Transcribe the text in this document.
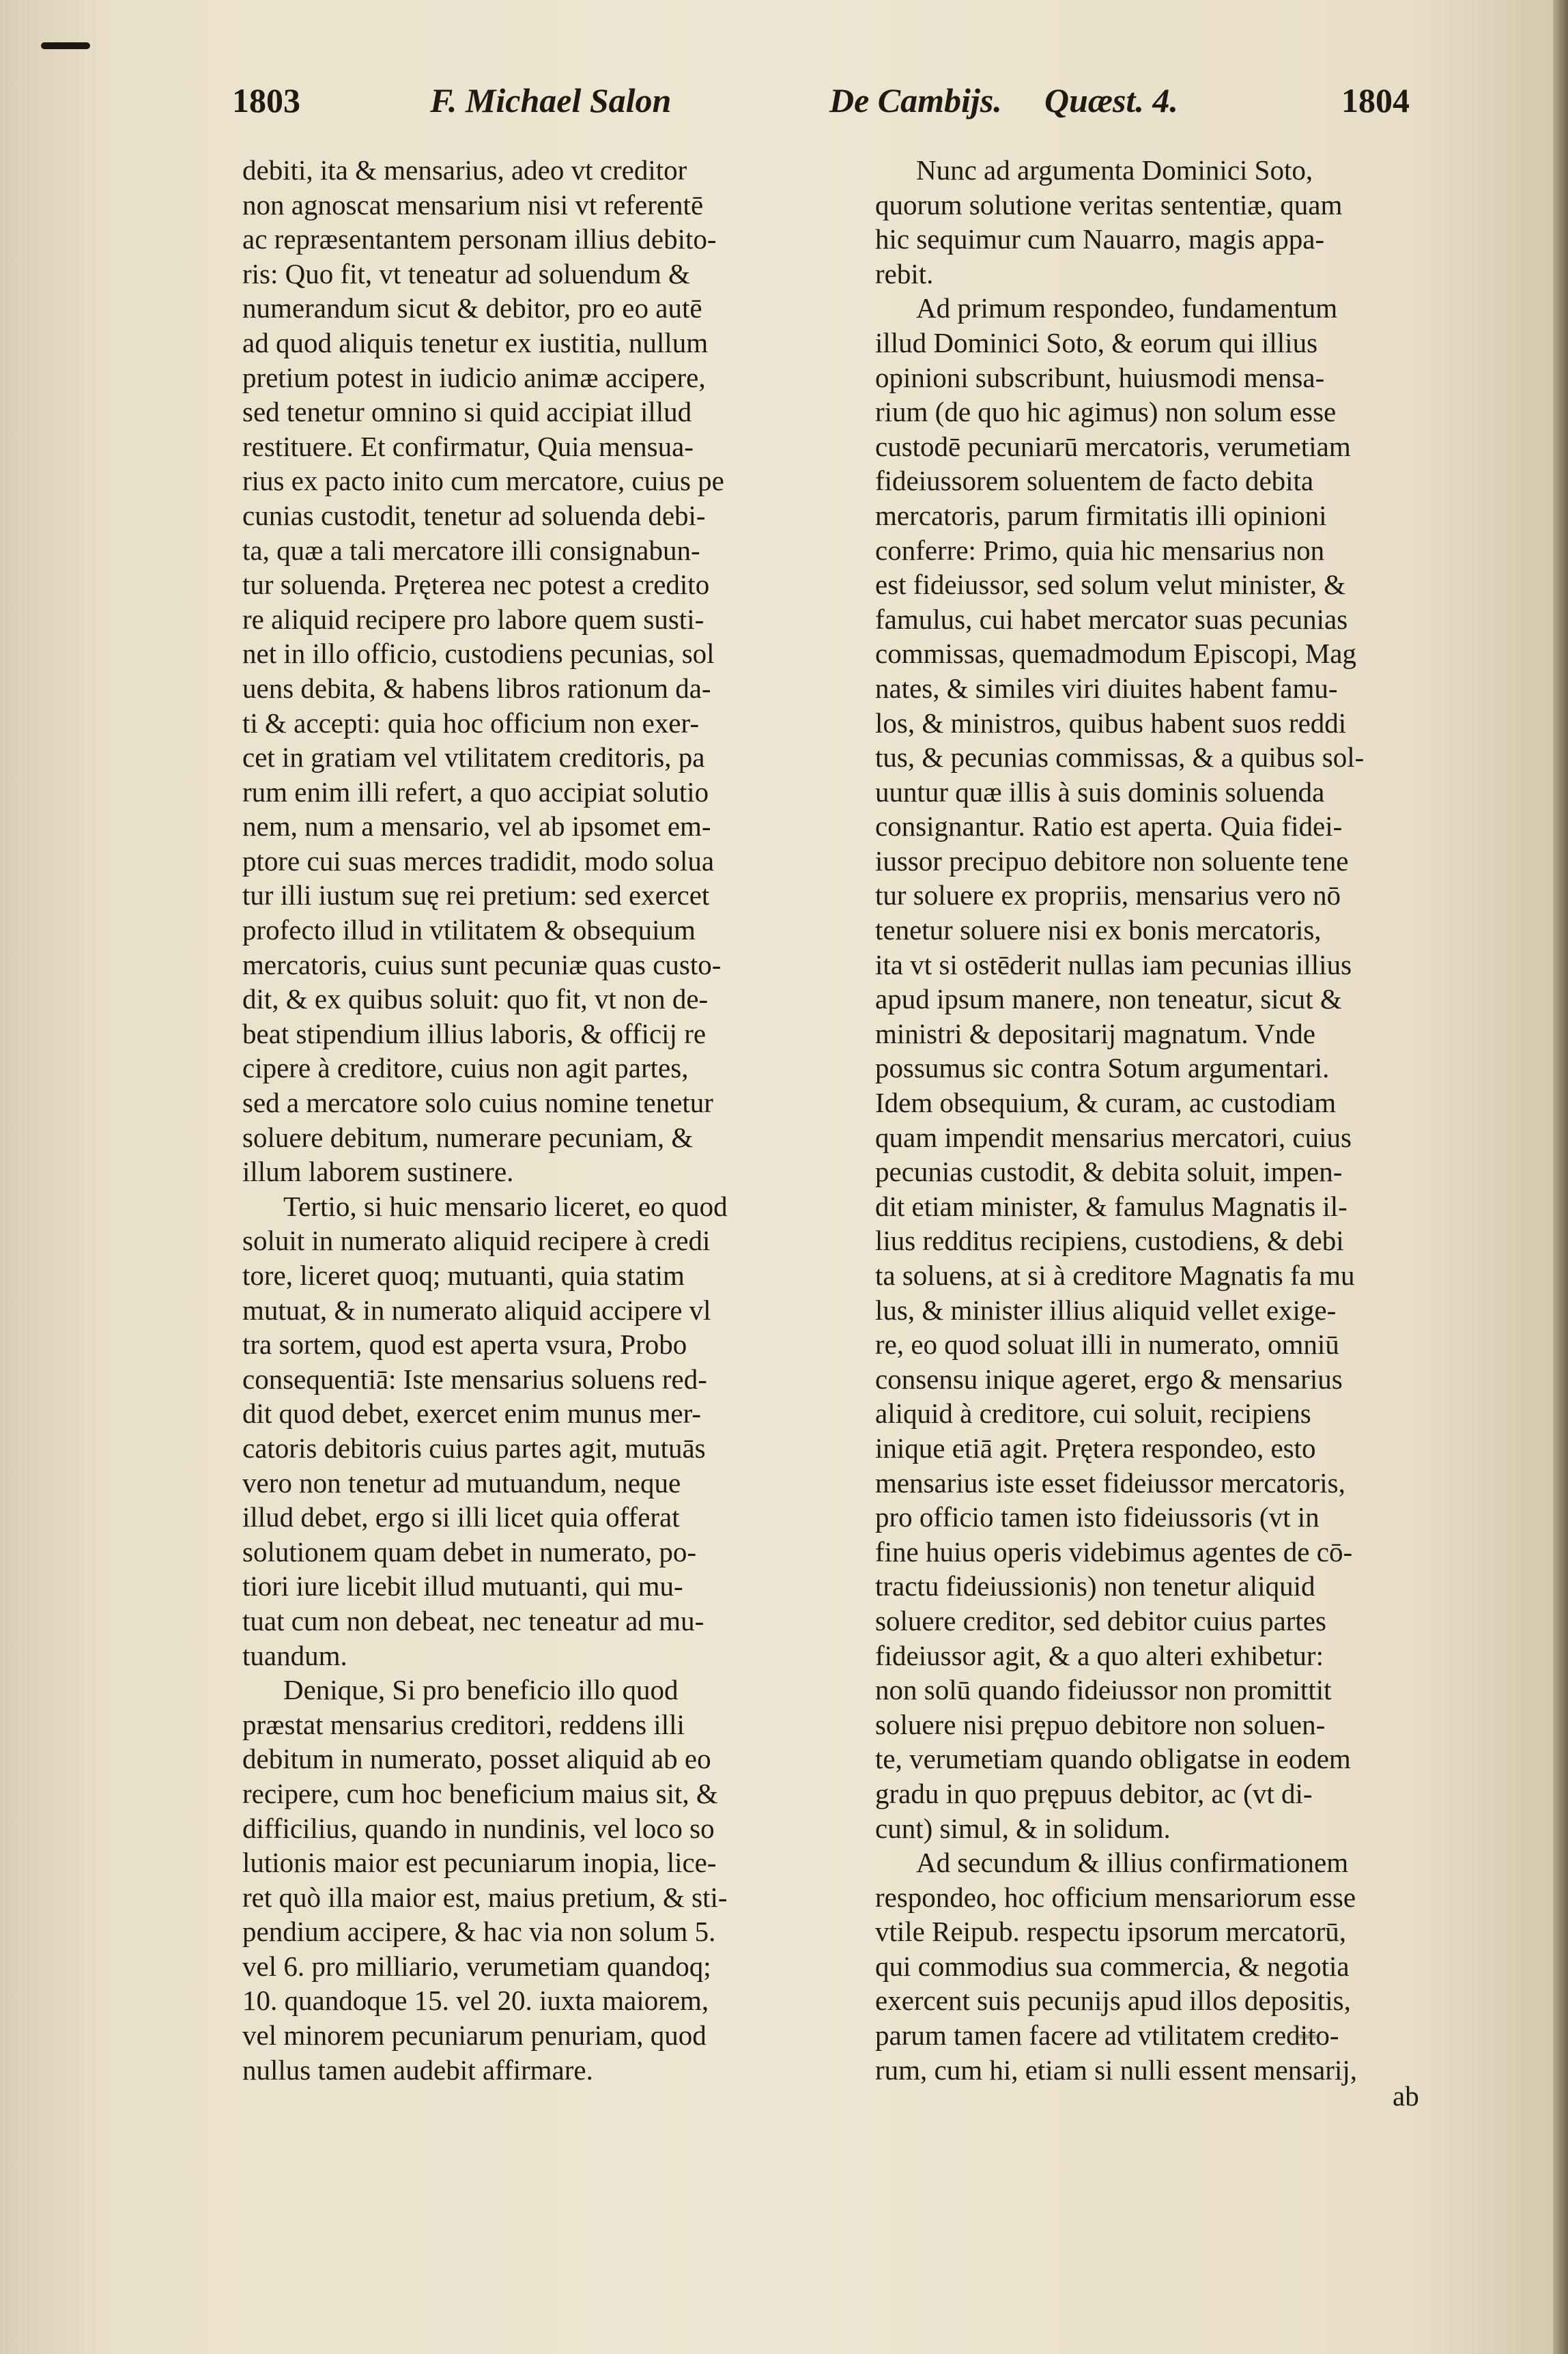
1803	F. Michael Salon	De Cambijs. Quæst. 4.	1804
debiti, ita & mensarius, adeo vt creditor
non agnoscat mensarium nisi vt referentē
ac repræsentantem personam illius debito-
ris: Quo fit, vt teneatur ad soluendum &
numerandum sicut & debitor, pro eo autē
ad quod aliquis tenetur ex iustitia, nullum
pretium potest in iudicio animæ accipere,
sed tenetur omnino si quid accipiat illud
restituere. Et confirmatur, Quia mensua-
rius ex pacto inito cum mercatore, cuius pe
cunias custodit, tenetur ad soluenda debi-
ta, quæ a tali mercatore illi consignabun-
tur soluenda. Pręterea nec potest a credito
re aliquid recipere pro labore quem susti-
net in illo officio, custodiens pecunias, sol
uens debita, & habens libros rationum da-
ti & accepti: quia hoc officium non exer-
cet in gratiam vel vtilitatem creditoris, pa
rum enim illi refert, a quo accipiat solutio
nem, num a mensario, vel ab ipsomet em-
ptore cui suas merces tradidit, modo solua
tur illi iustum suę rei pretium: sed exercet
profecto illud in vtilitatem & obsequium
mercatoris, cuius sunt pecuniæ quas custo-
dit, & ex quibus soluit: quo fit, vt non de-
beat stipendium illius laboris, & officij re
cipere à creditore, cuius non agit partes,
sed a mercatore solo cuius nomine tenetur
soluere debitum, numerare pecuniam, &
illum laborem sustinere.
Tertio, si huic mensario liceret, eo quod
soluit in numerato aliquid recipere à credi
tore, liceret quoq; mutuanti, quia statim
mutuat, & in numerato aliquid accipere vl
tra sortem, quod est aperta vsura, Probo
consequentiā: Iste mensarius soluens red-
dit quod debet, exercet enim munus mer-
catoris debitoris cuius partes agit, mutuās
vero non tenetur ad mutuandum, neque
illud debet, ergo si illi licet quia offerat
solutionem quam debet in numerato, po-
tiori iure licebit illud mutuanti, qui mu-
tuat cum non debeat, nec teneatur ad mu-
tuandum.
Denique, Si pro beneficio illo quod
præstat mensarius creditori, reddens illi
debitum in numerato, posset aliquid ab eo
recipere, cum hoc beneficium maius sit, &
difficilius, quando in nundinis, vel loco so
lutionis maior est pecuniarum inopia, lice-
ret quò illa maior est, maius pretium, & sti-
pendium accipere, & hac via non solum 5.
vel 6. pro milliario, verumetiam quandoq;
10. quandoque 15. vel 20. iuxta maiorem,
vel minorem pecuniarum penuriam, quod
nullus tamen audebit affirmare.
Nunc ad argumenta Dominici Soto,
quorum solutione veritas sententiæ, quam
hic sequimur cum Nauarro, magis appa-
rebit.
Ad primum respondeo, fundamentum
illud Dominici Soto, & eorum qui illius
opinioni subscribunt, huiusmodi mensa-
rium (de quo hic agimus) non solum esse
custodē pecuniarū mercatoris, verumetiam
fideiussorem soluentem de facto debita
mercatoris, parum firmitatis illi opinioni
conferre: Primo, quia hic mensarius non
est fideiussor, sed solum velut minister, &
famulus, cui habet mercator suas pecunias
commissas, quemadmodum Episcopi, Mag
nates, & similes viri diuites habent famu-
los, & ministros, quibus habent suos reddi
tus, & pecunias commissas, & a quibus sol-
uuntur quæ illis à suis dominis soluenda
consignantur. Ratio est aperta. Quia fidei-
iussor precipuo debitore non soluente tene
tur soluere ex propriis, mensarius vero nō
tenetur soluere nisi ex bonis mercatoris,
ita vt si ostēderit nullas iam pecunias illius
apud ipsum manere, non teneatur, sicut &
ministri & depositarij magnatum. Vnde
possumus sic contra Sotum argumentari.
Idem obsequium, & curam, ac custodiam
quam impendit mensarius mercatori, cuius
pecunias custodit, & debita soluit, impen-
dit etiam minister, & famulus Magnatis il-
lius redditus recipiens, custodiens, & debi
ta soluens, at si à creditore Magnatis fa mu
lus, & minister illius aliquid vellet exige-
re, eo quod soluat illi in numerato, omniū
consensu inique ageret, ergo & mensarius
aliquid à creditore, cui soluit, recipiens
inique etiā agit. Prętera respondeo, esto
mensarius iste esset fideiussor mercatoris,
pro officio tamen isto fideiussoris (vt in
fine huius operis videbimus agentes de cō-
tractu fideiussionis) non tenetur aliquid
soluere creditor, sed debitor cuius partes
fideiussor agit, & a quo alteri exhibetur:
non solū quando fideiussor non promittit
soluere nisi prępuo debitore non soluen-
te, verumetiam quando obligatse in eodem
gradu in quo prępuus debitor, ac (vt di-
cunt) simul, & in solidum.
Ad secundum & illius confirmationem
respondeo, hoc officium mensariorum esse
vtile Reipub. respectu ipsorum mercatorū,
qui commodius sua commercia, & negotia
exercent suis pecunijs apud illos depositis,
parum tamen facere ad vtilitatem credito-
rum, cum hi, etiam si nulli essent mensarij,
ab
